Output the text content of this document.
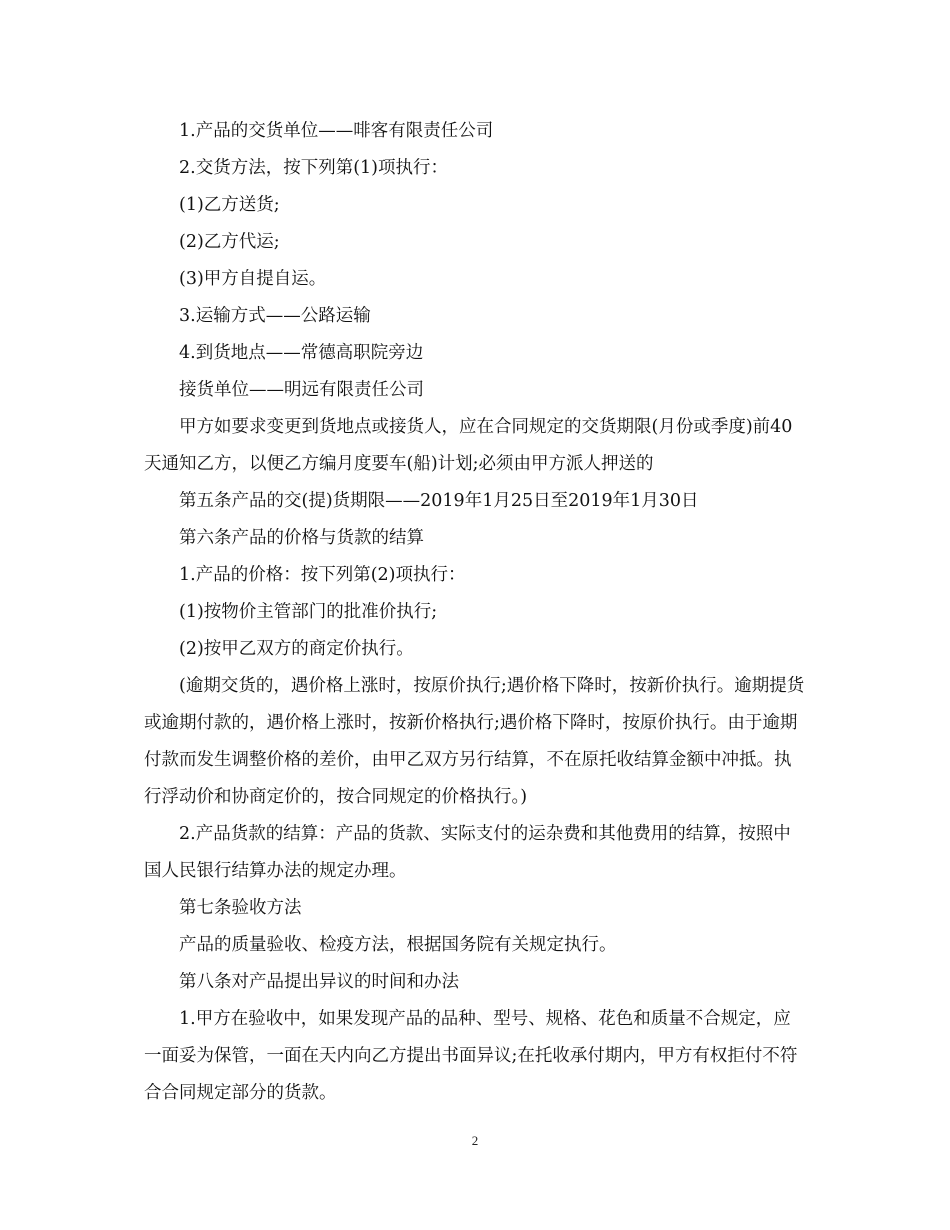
1.产品的交货单位——啡客有限责任公司

2.交货方法，按下列第(1)项执行：

(1)乙方送货;

(2)乙方代运;

(3)甲方自提自运。

3.运输方式——公路运输

4.到货地点——常德高职院旁边

接货单位——明远有限责任公司

甲方如要求变更到货地点或接货人，应在合同规定的交货期限(月份或季度)前40天通知乙方，以便乙方编月度要车(船)计划;必须由甲方派人押送的

第五条产品的交(提)货期限——2019年1月25日至2019年1月30日

第六条产品的价格与货款的结算

1.产品的价格：按下列第(2)项执行：

(1)按物价主管部门的批准价执行;

(2)按甲乙双方的商定价执行。

(逾期交货的，遇价格上涨时，按原价执行;遇价格下降时，按新价执行。逾期提货或逾期付款的，遇价格上涨时，按新价格执行;遇价格下降时，按原价执行。由于逾期付款而发生调整价格的差价，由甲乙双方另行结算，不在原托收结算金额中冲抵。执行浮动价和协商定价的，按合同规定的价格执行。)

2.产品货款的结算：产品的货款、实际支付的运杂费和其他费用的结算，按照中国人民银行结算办法的规定办理。

第七条验收方法

产品的质量验收、检疫方法，根据国务院有关规定执行。

第八条对产品提出异议的时间和办法

1.甲方在验收中，如果发现产品的品种、型号、规格、花色和质量不合规定，应一面妥为保管，一面在天内向乙方提出书面异议;在托收承付期内，甲方有权拒付不符合合同规定部分的货款。

2
